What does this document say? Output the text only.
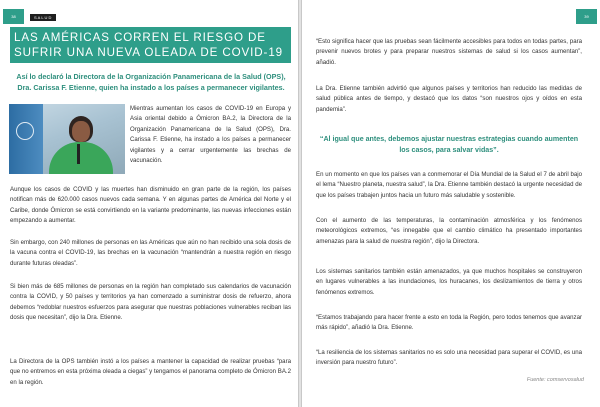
38	SALUD
LAS AMÉRICAS CORREN EL RIESGO DE SUFRIR UNA NUEVA OLEADA DE COVID-19
Así lo declaró la Directora de la Organización Panamericana de la Salud (OPS), Dra. Carissa F. Etienne, quien ha instado a los países a permanecer vigilantes.
Mientras aumentan los casos de COVID-19 en Europa y Asia oriental debido a Ómicron BA.2, la Directora de la Organización Panamericana de la Salud (OPS), Dra. Carissa F. Etienne, ha instado a los países a permanecer vigilantes y a cerrar urgentemente las brechas de vacunación.
Aunque los casos de COVID y las muertes han disminuido en gran parte de la región, los países notifican más de 620.000 casos nuevos cada semana. Y en algunas partes de América del Norte y el Caribe, donde Ómicron se está convirtiendo en la variante predominante, las nuevas infecciones están empezando a aumentar.
Sin embargo, con 240 millones de personas en las Américas que aún no han recibido una sola dosis de la vacuna contra el COVID-19, las brechas en la vacunación “mantendrán a nuestra región en riesgo durante futuras oleadas”.
Si bien más de 685 millones de personas en la región han completado sus calendarios de vacunación contra la COVID, y 50 países y territorios ya han comenzado a suministrar dosis de refuerzo, ahora debemos “redoblar nuestros esfuerzos para asegurar que nuestras poblaciones vulnerables reciban las dosis que necesitan”, dijo la Dra. Etienne.
La Directora de la OPS también instó a los países a mantener la capacidad de realizar pruebas “para que no entremos en esta próxima oleada a ciegas” y tengamos el panorama completo de Ómicron BA.2 en la región.
39
“Esto significa hacer que las pruebas sean fácilmente accesibles para todos en todas partes, para prevenir nuevos brotes y para preparar nuestros sistemas de salud si los casos aumentan”, añadió.
La Dra. Etienne también advirtió que algunos países y territorios han reducido las medidas de salud pública antes de tiempo, y destacó que los datos “son nuestros ojos y oídos en esta pandemia”.
“Al igual que antes, debemos ajustar nuestras estrategias cuando aumenten los casos, para salvar vidas”.
En un momento en que los países van a conmemorar el Día Mundial de la Salud el 7 de abril bajo el lema “Nuestro planeta, nuestra salud”, la Dra. Etienne también destacó la urgente necesidad de que los países trabajen juntos hacia un futuro más saludable y sostenible.
Con el aumento de las temperaturas, la contaminación atmosférica y los fenómenos meteorológicos extremos, “es innegable que el cambio climático ha presentado importantes amenazas para la salud de nuestra región”, dijo la Directora.
Los sistemas sanitarios también están amenazados, ya que muchos hospitales se construyeron en lugares vulnerables a las inundaciones, los huracanes, los deslizamientos de tierra y otros fenómenos extremos.
“Estamos trabajando para hacer frente a esto en toda la Región, pero todos tenemos que avanzar más rápido”, añadió la Dra. Etienne.
“La resiliencia de los sistemas sanitarios no es solo una necesidad para superar el COVID, es una inversión para nuestro futuro”.
Fuente: comservosalud
